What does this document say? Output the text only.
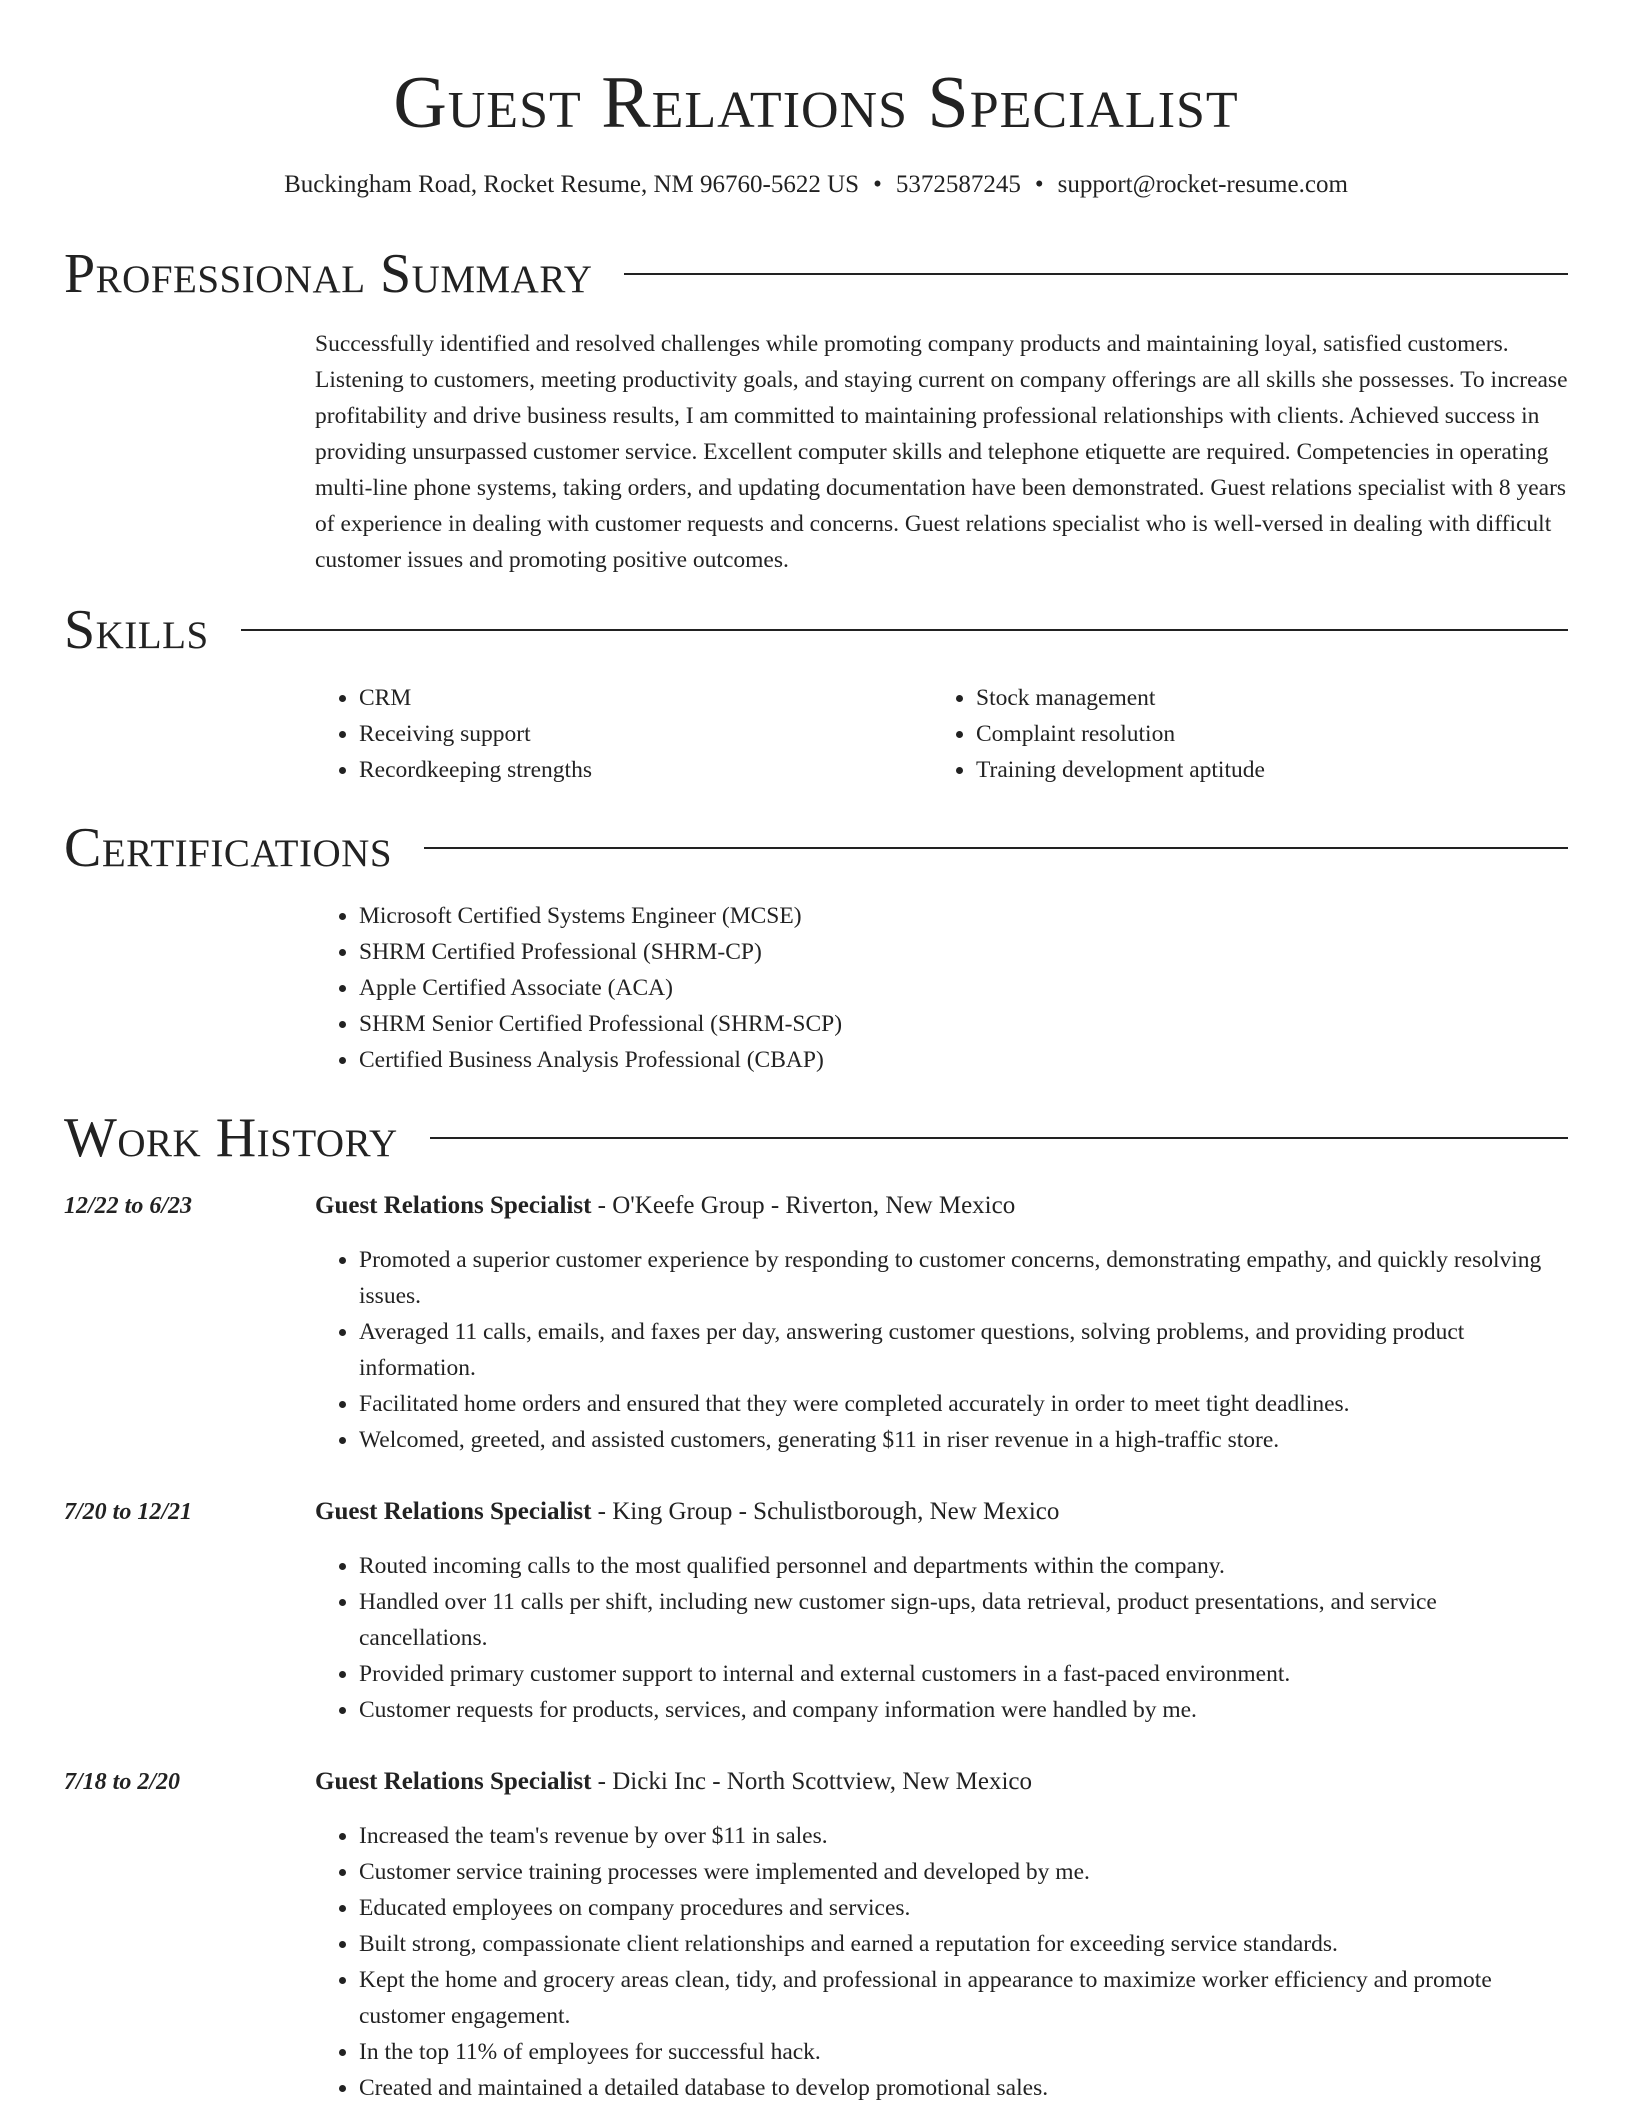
Guest Relations Specialist
Buckingham Road, Rocket Resume, NM 96760-5622 US • 5372587245 • support@rocket-resume.com
Professional Summary
Successfully identified and resolved challenges while promoting company products and maintaining loyal, satisfied customers. Listening to customers, meeting productivity goals, and staying current on company offerings are all skills she possesses. To increase profitability and drive business results, I am committed to maintaining professional relationships with clients. Achieved success in providing unsurpassed customer service. Excellent computer skills and telephone etiquette are required. Competencies in operating multi-line phone systems, taking orders, and updating documentation have been demonstrated. Guest relations specialist with 8 years of experience in dealing with customer requests and concerns. Guest relations specialist who is well-versed in dealing with difficult customer issues and promoting positive outcomes.
Skills
• CRM
• Receiving support
• Recordkeeping strengths
• Stock management
• Complaint resolution
• Training development aptitude
Certifications
• Microsoft Certified Systems Engineer (MCSE)
• SHRM Certified Professional (SHRM-CP)
• Apple Certified Associate (ACA)
• SHRM Senior Certified Professional (SHRM-SCP)
• Certified Business Analysis Professional (CBAP)
Work History
12/22 to 6/23	Guest Relations Specialist - O'Keefe Group - Riverton, New Mexico
• Promoted a superior customer experience by responding to customer concerns, demonstrating empathy, and quickly resolving issues.
• Averaged 11 calls, emails, and faxes per day, answering customer questions, solving problems, and providing product information.
• Facilitated home orders and ensured that they were completed accurately in order to meet tight deadlines.
• Welcomed, greeted, and assisted customers, generating $11 in riser revenue in a high-traffic store.
7/20 to 12/21	Guest Relations Specialist - King Group - Schulistborough, New Mexico
• Routed incoming calls to the most qualified personnel and departments within the company.
• Handled over 11 calls per shift, including new customer sign-ups, data retrieval, product presentations, and service cancellations.
• Provided primary customer support to internal and external customers in a fast-paced environment.
• Customer requests for products, services, and company information were handled by me.
7/18 to 2/20	Guest Relations Specialist - Dicki Inc - North Scottview, New Mexico
• Increased the team's revenue by over $11 in sales.
• Customer service training processes were implemented and developed by me.
• Educated employees on company procedures and services.
• Built strong, compassionate client relationships and earned a reputation for exceeding service standards.
• Kept the home and grocery areas clean, tidy, and professional in appearance to maximize worker efficiency and promote customer engagement.
• In the top 11% of employees for successful hack.
• Created and maintained a detailed database to develop promotional sales.
